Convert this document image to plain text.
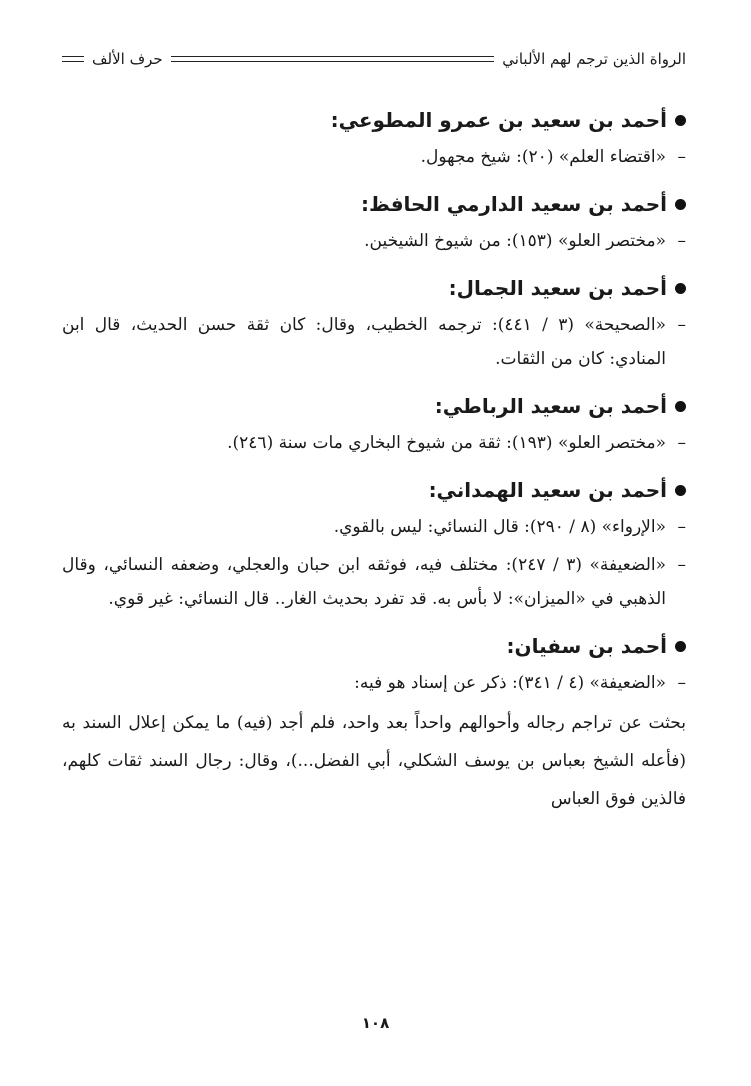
الرواة الذين ترجم لهم الألباني
حرف الألف
أحمد بن سعيد بن عمرو المطوعي:

–
«اقتضاء العلم» (٢٠): شيخ مجهول.

أحمد بن سعيد الدارمي الحافظ:

–
«مختصر العلو» (١٥٣): من شيوخ الشيخين.

أحمد بن سعيد الجمال:

–
«الصحيحة» (٣ / ٤٤١): ترجمه الخطيب، وقال: كان ثقة حسن الحديث، قال ابن المنادي: كان من الثقات.

أحمد بن سعيد الرباطي:

–
«مختصر العلو» (١٩٣): ثقة من شيوخ البخاري مات سنة (٢٤٦).

أحمد بن سعيد الهمداني:

–
«الإرواء» (٨ / ٢٩٠): قال النسائي: ليس بالقوي.

–
«الضعيفة» (٣ / ٢٤٧): مختلف فيه، فوثقه ابن حبان والعجلي، وضعفه النسائي، وقال الذهبي في «الميزان»: لا بأس به. قد تفرد بحديث الغار.. قال النسائي: غير قوي.

أحمد بن سفيان:

–
«الضعيفة» (٤ / ٣٤١): ذكر عن إسناد هو فيه:

بحثت عن تراجم رجاله وأحوالهم واحداً بعد واحد، فلم أجد (فيه) ما يمكن إعلال السند به (فأعله الشيخ بعباس بن يوسف الشكلي، أبي الفضل...)، وقال: رجال السند ثقات كلهم، فالذين فوق العباس

١٠٨
